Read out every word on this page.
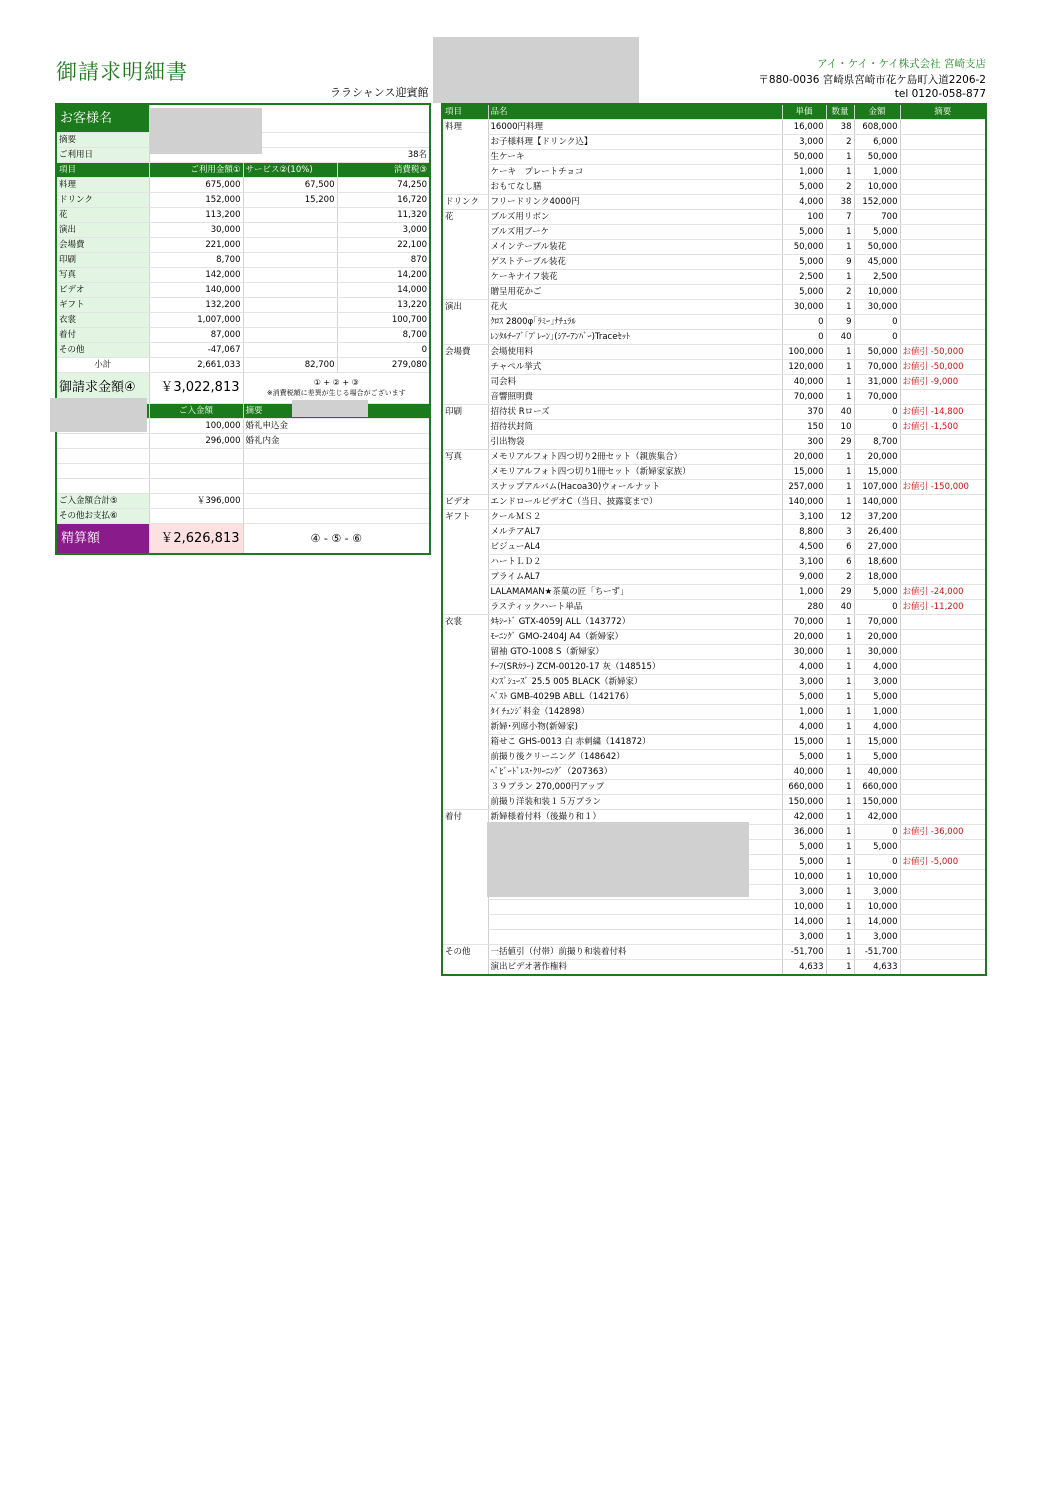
御請求明細書	アイ・ケイ・ケイ株式会社 宮崎支店
〒880-0036 宮崎県宮崎市花ケ島町入道2206-2
tel 0120-058-877
ララシャンス迎賓館
お客様名			
摘要			
ご利用日	38名		
項目	ご利用金額①	サービス②(10%)	消費税③
料理	675,000	67,500	74,250
ドリンク	152,000	15,200	16,720
花	113,200		11,320
演出	30,000		3,000
会場費	221,000		22,100
印刷	8,700		870
写真	142,000		14,200
ビデオ	140,000		14,000
ギフト	132,200		13,220
衣裳	1,007,000		100,700
着付	87,000		8,700
その他	-47,067		0
小計	2,661,033	82,700	279,080
御請求金額④	￥3,022,813	① + ② + ③
※消費税額に差異が生じる場合がございます	

	ご入金額	摘要	
	100,000	婚礼申込金	
	296,000	婚礼内金	

ご入金額合計⑤	￥396,000		
その他お支払⑥			
精算額	￥2,626,813	④ - ⑤ - ⑥	
項目	品名	単価	数量	金額	摘要
料理	16000円料理	16,000	38	608,000	
	お子様料理【ドリンク込】	3,000	2	6,000	
	生ケーキ	50,000	1	50,000	
	ケーキ　プレートチョコ	1,000	1	1,000	
	おもてなし膳	5,000	2	10,000	
ドリンク	フリードリンク4000円	4,000	38	152,000	
花	ブルズ用リボン	100	7	700	
	ブルズ用ブーケ	5,000	1	5,000	
	メインテーブル装花	50,000	1	50,000	
	ゲストテーブル装花	5,000	9	45,000	
	ケーキナイフ装花	2,500	1	2,500	
	贈呈用花かご	5,000	2	10,000	
演出	花火	30,000	1	30,000	
	ｸﾛｽ 2800φ｢ﾗﾐｰ｣ﾅﾁｭﾗﾙ	0	9	0	
	ﾚﾝﾀﾙﾁｰﾌﾞ｢ﾌﾟﾚｰﾝ｣(ｼｱｰｱﾝﾊﾞｰ)Traceｾｯﾄ	0	40	0	
会場費	会場使用料	100,000	1	50,000	お値引 -50,000
	チャペル挙式	120,000	1	70,000	お値引 -50,000
	司会料	40,000	1	31,000	お値引 -9,000
	音響照明費	70,000	1	70,000	
印刷	招待状 Rローズ	370	40	0	お値引 -14,800
	招待状封筒	150	10	0	お値引 -1,500
	引出物袋	300	29	8,700	
写真	メモリアルフォト四つ切り2冊セット（親族集合）	20,000	1	20,000	
	メモリアルフォト四つ切り1冊セット（新婦家家族）	15,000	1	15,000	
	スナップアルバム(Hacoa30)ウォールナット	257,000	1	107,000	お値引 -150,000
ビデオ	エンドロールビデオC（当日、披露宴まで）	140,000	1	140,000	
ギフト	クールＭＳ２	3,100	12	37,200	
	メルテアAL7	8,800	3	26,400	
	ビジューAL4	4,500	6	27,000	
	ハートＬＤ２	3,100	6	18,600	
	プライムAL7	9,000	2	18,000	
	LALAMAMAN★茶菓の匠「ちーず」	1,000	29	5,000	お値引 -24,000
	ラスティックハート単品	280	40	0	お値引 -11,200
衣裳	ﾀｷｼｰﾄﾞ GTX-4059J ALL（143772）	70,000	1	70,000	
	ﾓｰﾆﾝｸﾞ GMO-2404J A4（新婦家）	20,000	1	20,000	
	留袖 GTO-1008 S（新婦家）	30,000	1	30,000	
	ﾁｰﾌ(SRｶﾗｰ) ZCM-00120-17 灰（148515）	4,000	1	4,000	
	ﾒﾝｽﾞｼｭｰｽﾞ 25.5 005 BLACK（新婦家）	3,000	1	3,000	
	ﾍﾞｽﾄ GMB-4029B ABLL（142176）	5,000	1	5,000	
	ﾀｲ ﾁｪﾝｼﾞ料金（142898）	1,000	1	1,000	
	新婦･列席小物(新婦家)	4,000	1	4,000	
	箱せこ GHS-0013 白 赤刺繍（141872）	15,000	1	15,000	
	前撮り後クリーニング（148642）	5,000	1	5,000	
	ﾍﾞﾋﾞｰﾄﾞﾚｽ･ｸﾘｰﾆﾝｸﾞ（207363）	40,000	1	40,000	
	３９プラン 270,000円アップ	660,000	1	660,000	
	前撮り洋装和装１５万プラン	150,000	1	150,000	
着付	新婦様着付料（後撮り和１）	42,000	1	42,000	
		36,000	1	0	お値引 -36,000
		5,000	1	5,000	
		5,000	1	0	お値引 -5,000
		10,000	1	10,000	
		3,000	1	3,000	
		10,000	1	10,000	
		14,000	1	14,000	
		3,000	1	3,000	
その他	一括値引（付帯）前撮り和装着付料	-51,700	1	-51,700	
	演出ビデオ著作権料	4,633	1	4,633	
